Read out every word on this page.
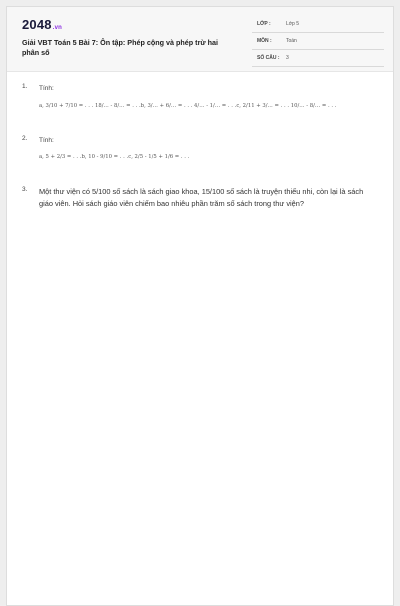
2048.vn
Giải VBT Toán 5 Bài 7: Ôn tập: Phép cộng và phép trừ hai phân số
LỚP :	Lớp 5
MÔN :	Toán
SỐ CÂU : 3
1. Tính:
a, 3/10 + 7/10 = . . . 18/… - 8/… = . . .b, 3/… + 6/… = . . . 4/… - 1/… = . . .c, 2/11 + 3/… = . . . 10/… - 8/… = . . .
2. Tính:
a, 5 + 2/3 = . . .b, 10 - 9/10 = . . .c, 2/5 - 1/5 + 1/6 = . . .
3. Một thư viện có 5/100 số sách là sách giao khoa, 15/100 số sách là truyện thiếu nhi, còn lại là sách giáo viên. Hỏi sách giáo viên chiếm bao nhiêu phần trăm số sách trong thư viện?
